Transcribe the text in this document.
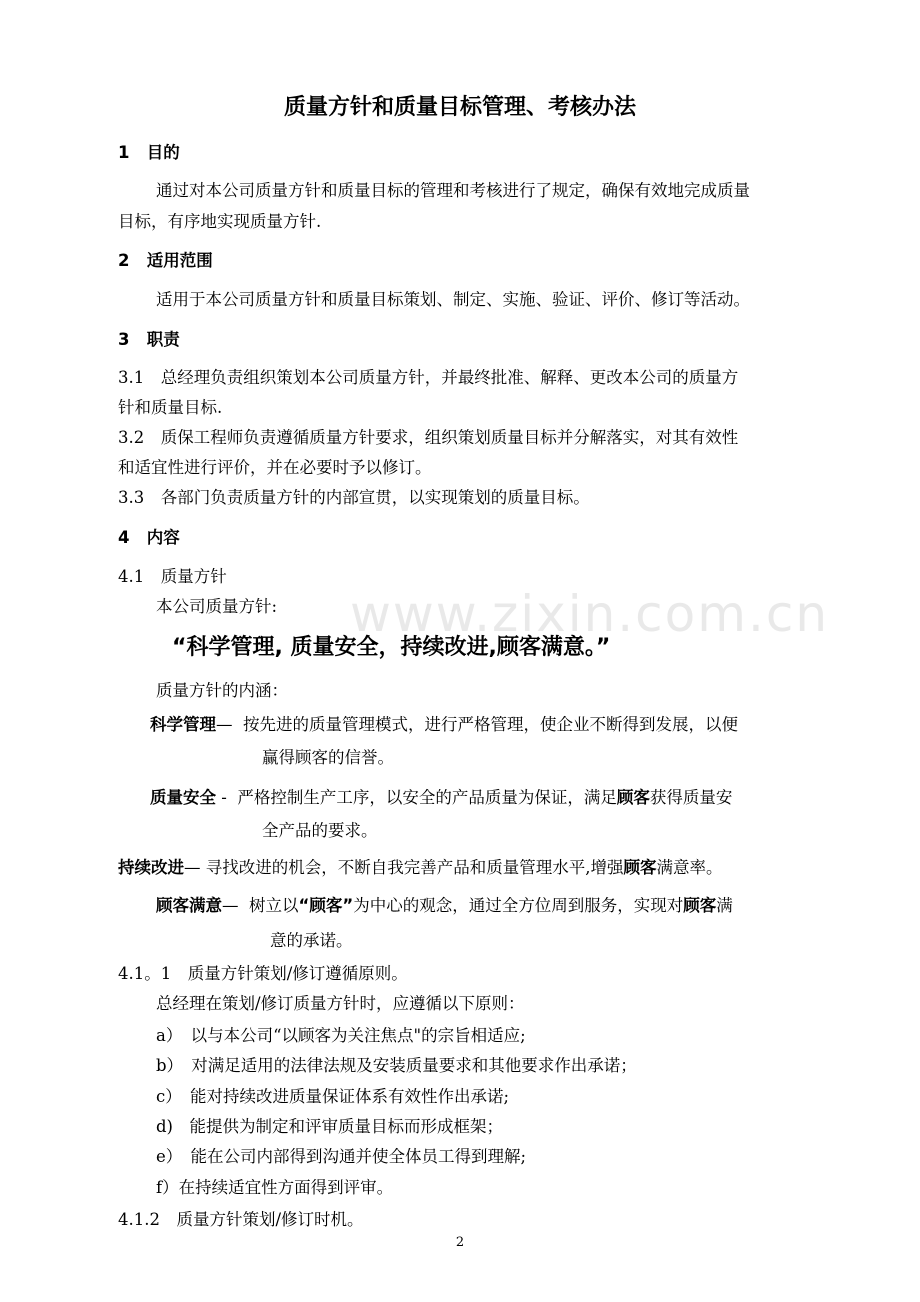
www.zixin.com.cn
质量方针和质量目标管理、考核办法
1 目的
通过对本公司质量方针和质量目标的管理和考核进行了规定，确保有效地完成质量
目标，有序地实现质量方针.
2 适用范围
适用于本公司质量方针和质量目标策划、制定、实施、验证、评价、修订等活动。
3 职责
3.1　总经理负责组织策划本公司质量方针，并最终批准、解释、更改本公司的质量方
针和质量目标.
3.2　质保工程师负责遵循质量方针要求，组织策划质量目标并分解落实，对其有效性
和适宜性进行评价，并在必要时予以修订。
3.3　各部门负责质量方针的内部宣贯，以实现策划的质量目标。
4 内容
4.1　质量方针
本公司质量方针:
“科学管理, 质量安全，持续改进,顾客满意。”
质量方针的内涵：
科学管理— 按先进的质量管理模式，进行严格管理，使企业不断得到发展，以便
赢得顾客的信誉。
质量安全 -  严格控制生产工序，以安全的产品质量为保证，满足顾客获得质量安
全产品的要求。
持续改进— 寻找改进的机会，不断自我完善产品和质量管理水平,增强顾客满意率。
顾客满意— 树立以“顾客”为中心的观念，通过全方位周到服务，实现对顾客满
意的承诺。
4.1。1　质量方针策划/修订遵循原则。
总经理在策划/修订质量方针时，应遵循以下原则：
a）　以与本公司“以顾客为关注焦点"的宗旨相适应;
b）　对满足适用的法律法规及安装质量要求和其他要求作出承诺；
c）　能对持续改进质量保证体系有效性作出承诺;
d)　能提供为制定和评审质量目标而形成框架；
e）　能在公司内部得到沟通并使全体员工得到理解;
f）在持续适宜性方面得到评审。
4.1.2　质量方针策划/修订时机。
2
